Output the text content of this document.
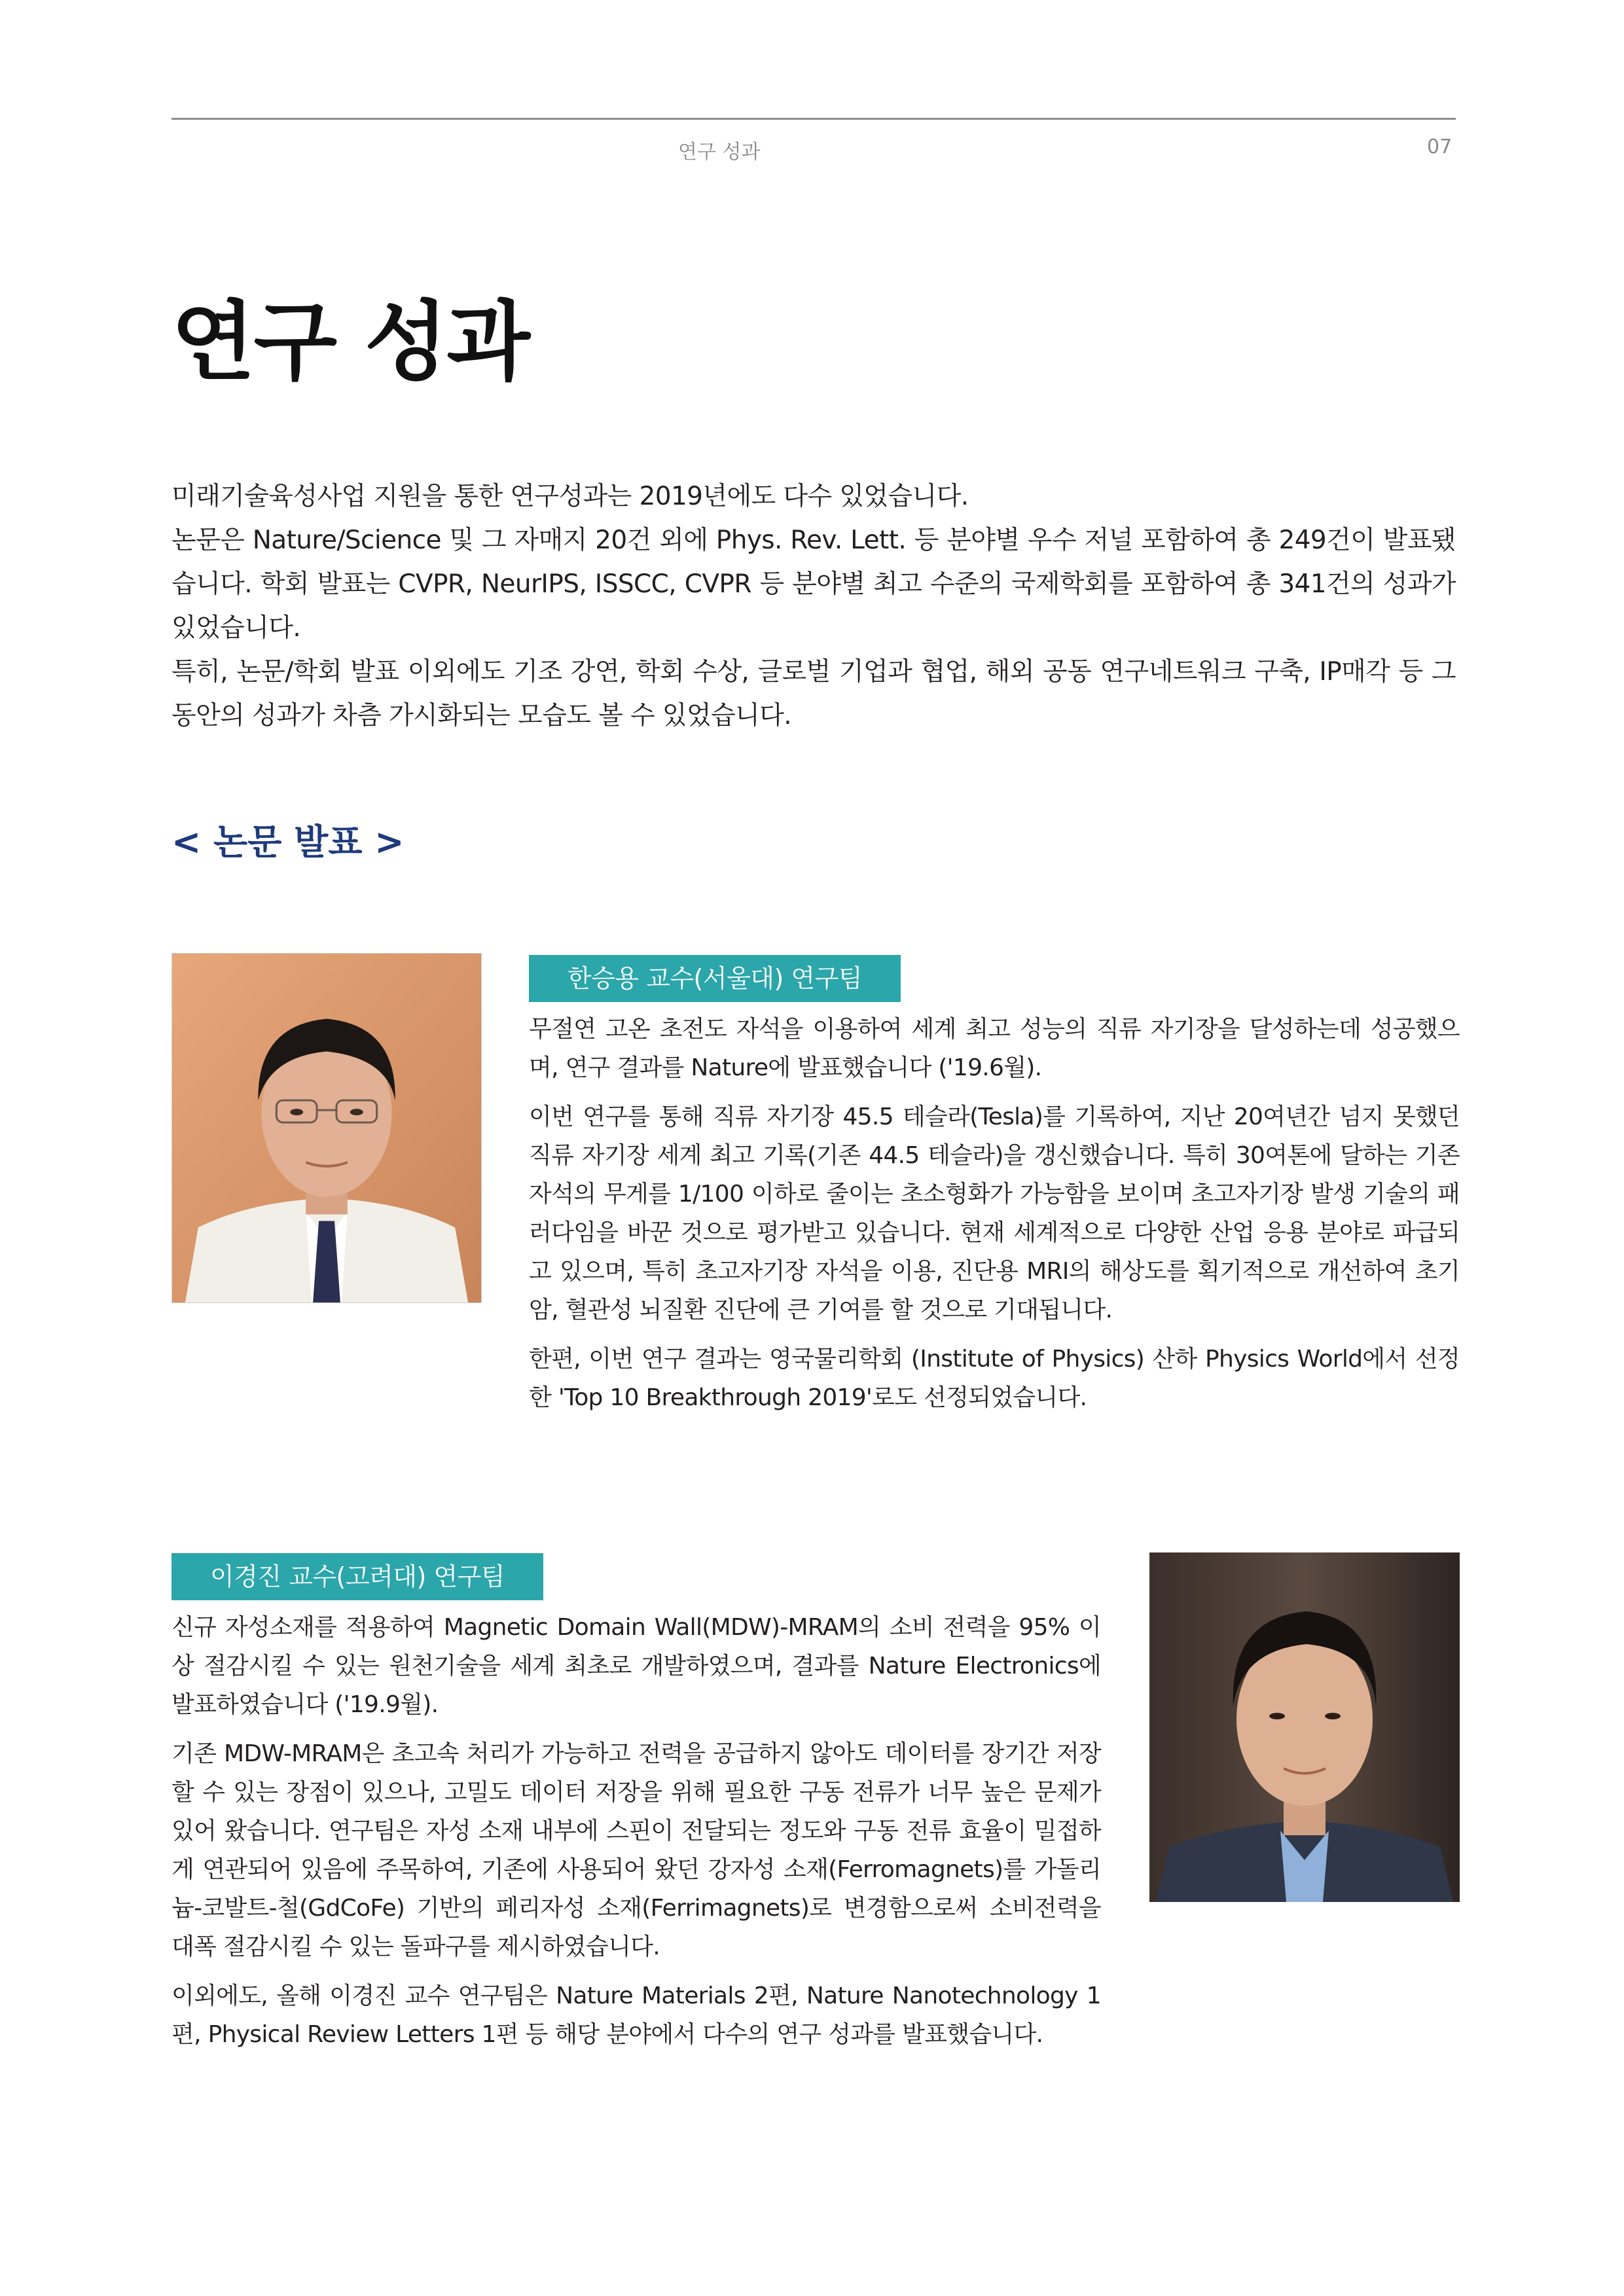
연구 성과	07
연구 성과

미래기술육성사업 지원을 통한 연구성과는 2019년에도 다수 있었습니다.

논문은 Nature/Science 및 그 자매지 20건 외에 Phys. Rev. Lett. 등 분야별 우수 저널 포함하여 총 249건이 발표됐습니다. 학회 발표는 CVPR, NeurIPS, ISSCC, CVPR 등 분야별 최고 수준의 국제학회를 포함하여 총 341건의 성과가 있었습니다.

특히, 논문/학회 발표 이외에도 기조 강연, 학회 수상, 글로벌 기업과 협업, 해외 공동 연구네트워크 구축, IP매각 등 그 동안의 성과가 차츰 가시화되는 모습도 볼 수 있었습니다.

< 논문 발표 >
한승용 교수(서울대) 연구팀

무절연 고온 초전도 자석을 이용하여 세계 최고 성능의 직류 자기장을 달성하는데 성공했으며, 연구 결과를 Nature에 발표했습니다 ('19.6월).

이번 연구를 통해 직류 자기장 45.5 테슬라(Tesla)를 기록하여, 지난 20여년간 넘지 못했던 직류 자기장 세계 최고 기록(기존 44.5 테슬라)을 갱신했습니다. 특히 30여톤에 달하는 기존 자석의 무게를 1/100 이하로 줄이는 초소형화가 가능함을 보이며 초고자기장 발생 기술의 패러다임을 바꾼 것으로 평가받고 있습니다. 현재 세계적으로 다양한 산업 응용 분야로 파급되고 있으며, 특히 초고자기장 자석을 이용, 진단용 MRI의 해상도를 획기적으로 개선하여 초기 암, 혈관성 뇌질환 진단에 큰 기여를 할 것으로 기대됩니다.

한편, 이번 연구 결과는 영국물리학회 (Institute of Physics) 산하 Physics World에서 선정한 'Top 10 Breakthrough 2019'로도 선정되었습니다.

이경진 교수(고려대) 연구팀

신규 자성소재를 적용하여 Magnetic Domain Wall(MDW)-MRAM의 소비 전력을 95% 이상 절감시킬 수 있는 원천기술을 세계 최초로 개발하였으며, 결과를 Nature Electronics에 발표하였습니다 ('19.9월).

기존 MDW-MRAM은 초고속 처리가 가능하고 전력을 공급하지 않아도 데이터를 장기간 저장할 수 있는 장점이 있으나, 고밀도 데이터 저장을 위해 필요한 구동 전류가 너무 높은 문제가 있어 왔습니다. 연구팀은 자성 소재 내부에 스핀이 전달되는 정도와 구동 전류 효율이 밀접하게 연관되어 있음에 주목하여, 기존에 사용되어 왔던 강자성 소재(Ferromagnets)를 가돌리늄-코발트-철(GdCoFe) 기반의 페리자성 소재(Ferrimagnets)로 변경함으로써 소비전력을 대폭 절감시킬 수 있는 돌파구를 제시하였습니다.

이외에도, 올해 이경진 교수 연구팀은 Nature Materials 2편, Nature Nanotechnology 1편, Physical Review Letters 1편 등 해당 분야에서 다수의 연구 성과를 발표했습니다.
